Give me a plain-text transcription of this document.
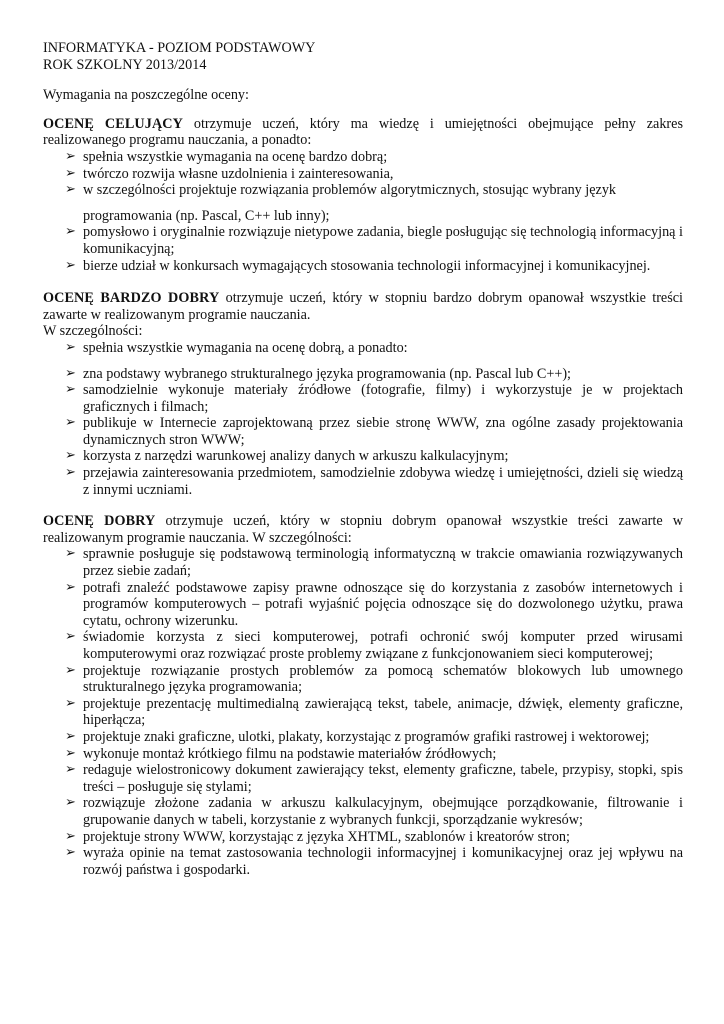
INFORMATYKA - POZIOM PODSTAWOWY

ROK SZKOLNY 2013/2014

Wymagania na poszczególne oceny:

OCENĘ CELUJĄCY otrzymuje uczeń, który ma wiedzę i umiejętności obejmujące pełny zakres realizowanego programu nauczania, a ponadto:

➢ spełnia wszystkie wymagania na ocenę bardzo dobrą;
➢ twórczo rozwija własne uzdolnienia i zainteresowania,
➢ w szczególności projektuje rozwiązania problemów algorytmicznych, stosując wybrany język
programowania (np. Pascal, C++ lub inny);
➢ pomysłowo i oryginalnie rozwiązuje nietypowe zadania, biegle posługując się technologią informacyjną i komunikacyjną;
➢ bierze udział w konkursach wymagających stosowania technologii informacyjnej i komunikacyjnej.

OCENĘ BARDZO DOBRY otrzymuje uczeń, który w stopniu bardzo dobrym opanował wszystkie treści zawarte w realizowanym programie nauczania.

W szczególności:

➢ spełnia wszystkie wymagania na ocenę dobrą, a ponadto:
➢ zna podstawy wybranego strukturalnego języka programowania (np. Pascal lub C++);
➢ samodzielnie wykonuje materiały źródłowe (fotografie, filmy) i wykorzystuje je w projektach graficznych i filmach;
➢ publikuje w Internecie zaprojektowaną przez siebie stronę WWW, zna ogólne zasady projektowania dynamicznych stron WWW;
➢ korzysta z narzędzi warunkowej analizy danych w arkuszu kalkulacyjnym;
➢ przejawia zainteresowania przedmiotem, samodzielnie zdobywa wiedzę i umiejętności, dzieli się wiedzą z innymi uczniami.

OCENĘ DOBRY otrzymuje uczeń, który w stopniu dobrym opanował wszystkie treści zawarte w realizowanym programie nauczania. W szczególności:

➢ sprawnie posługuje się podstawową terminologią informatyczną w trakcie omawiania rozwiązywanych przez siebie zadań;
➢ potrafi znaleźć podstawowe zapisy prawne odnoszące się do korzystania z zasobów internetowych i programów komputerowych – potrafi wyjaśnić pojęcia odnoszące się do dozwolonego użytku, prawa cytatu, ochrony wizerunku.
➢ świadomie korzysta z sieci komputerowej, potrafi ochronić swój komputer przed wirusami komputerowymi oraz rozwiązać proste problemy związane z funkcjonowaniem sieci komputerowej;
➢ projektuje rozwiązanie prostych problemów za pomocą schematów blokowych lub umownego strukturalnego języka programowania;
➢ projektuje prezentację multimedialną zawierającą tekst, tabele, animacje, dźwięk, elementy graficzne, hiperłącza;
➢ projektuje znaki graficzne, ulotki, plakaty, korzystając z programów grafiki rastrowej i wektorowej;
➢ wykonuje montaż krótkiego filmu na podstawie materiałów źródłowych;
➢ redaguje wielostronicowy dokument zawierający tekst, elementy graficzne, tabele, przypisy, stopki, spis treści – posługuje się stylami;
➢ rozwiązuje złożone zadania w arkuszu kalkulacyjnym, obejmujące porządkowanie, filtrowanie i grupowanie danych w tabeli, korzystanie z wybranych funkcji, sporządzanie wykresów;
➢ projektuje strony WWW, korzystając z języka XHTML, szablonów i kreatorów stron;
➢ wyraża opinie na temat zastosowania technologii informacyjnej i komunikacyjnej oraz jej wpływu na rozwój państwa i gospodarki.
